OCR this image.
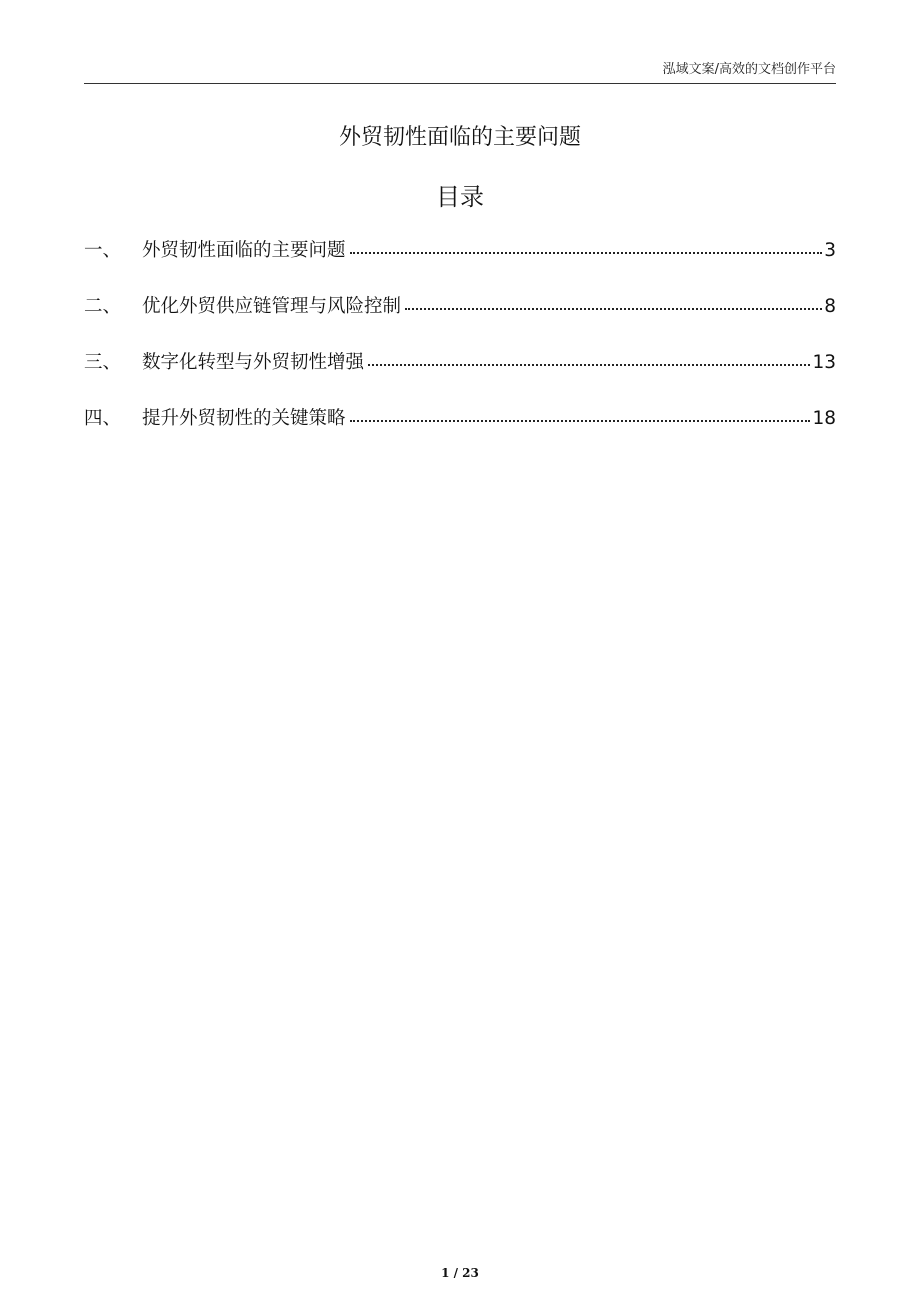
泓域文案/高效的文档创作平台
外贸韧性面临的主要问题
目录
一、	外贸韧性面临的主要问题	3
二、	优化外贸供应链管理与风险控制	8
三、	数字化转型与外贸韧性增强	13
四、	提升外贸韧性的关键策略	18
1 / 23
